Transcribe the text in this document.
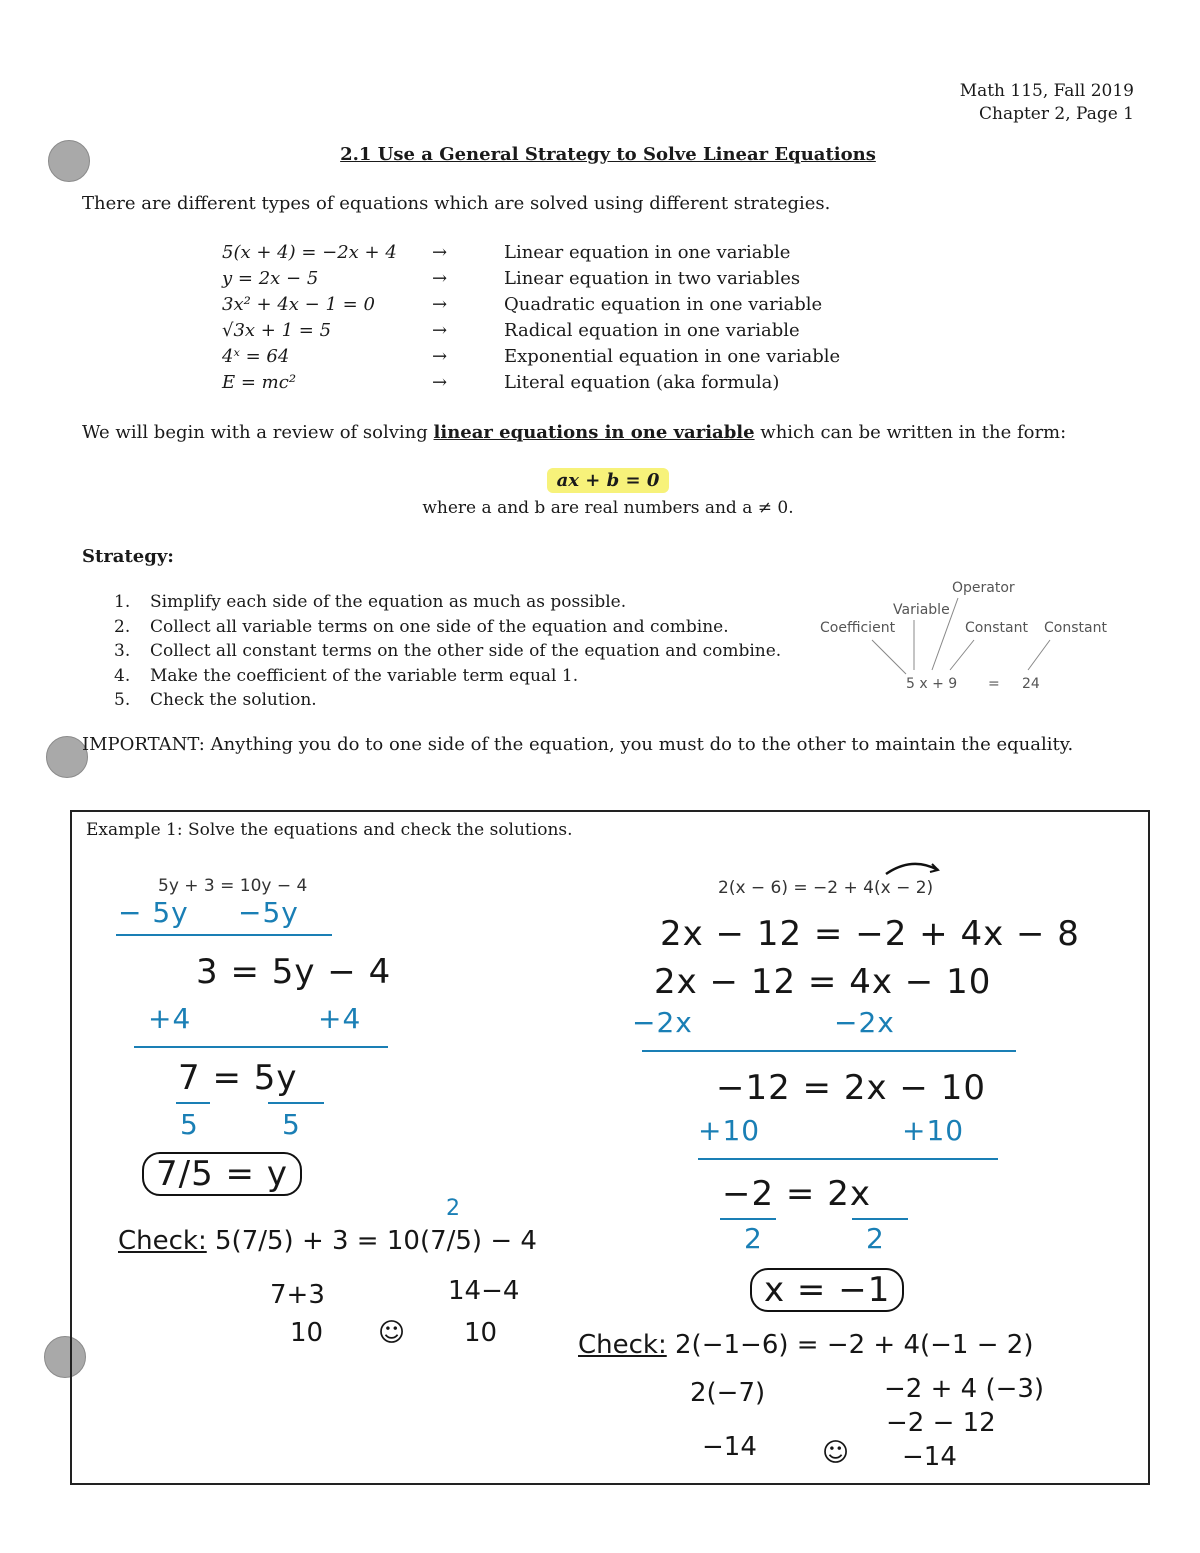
Math 115, Fall 2019
Chapter 2, Page 1
2.1 Use a General Strategy to Solve Linear Equations
There are different types of equations which are solved using different strategies.
5(x + 4) = −2x + 4	→	Linear equation in one variable
y = 2x − 5	→	Linear equation in two variables
3x² + 4x − 1 = 0	→	Quadratic equation in one variable
√3x + 1 = 5	→	Radical equation in one variable
4ˣ = 64	→	Exponential equation in one variable
E = mc²	→	Literal equation (aka formula)
We will begin with a review of solving linear equations in one variable which can be written in the form:
ax + b = 0
where a and b are real numbers and a ≠ 0.
Strategy:
1.	Simplify each side of the equation as much as possible.
2.	Collect all variable terms on one side of the equation and combine.
3.	Collect all constant terms on the other side of the equation and combine.
4.	Make the coefficient of the variable term equal 1.
5.	Check the solution.
Operator
Variable
Coefficient	Constant Constant
5 x + 9 = 24
IMPORTANT: Anything you do to one side of the equation, you must do to the other to maintain the equality.
Example 1: Solve the equations and check the solutions.
5y + 3 = 10y − 4
− 5y −5y
3 = 5y − 4
+4	+4
7 = 5y
5	5
7/5 = y
2
Check: 5(7/5) + 3 = 10(7/5) − 4
7+3	14−4
10 ☺ 10
2(x − 6) = −2 + 4(x − 2)
2x − 12 = −2 + 4x − 8
2x − 12 = 4x − 10
−2x	−2x
−12 = 2x − 10
+10	+10
−2 = 2x
2	2
x = −1
Check: 2(−1−6) = −2 + 4(−1 − 2)
2(−7)	−2 + 4 (−3)
−2 − 12
−14	☺ −14
